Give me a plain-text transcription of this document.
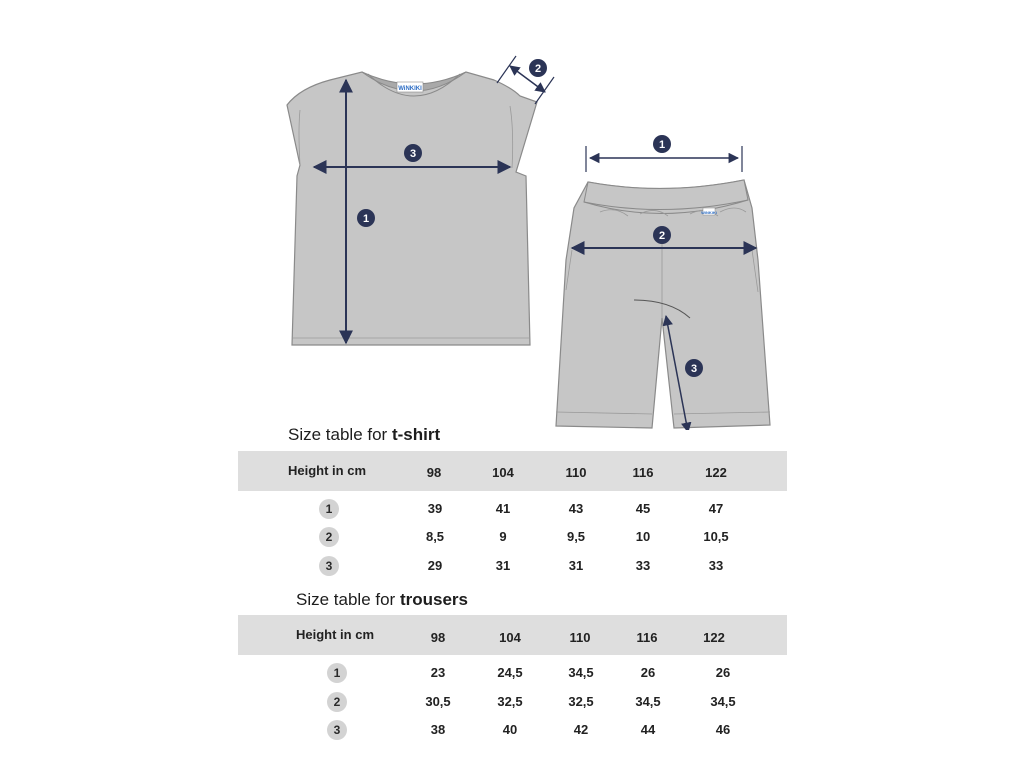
WiNKIKI
1
2
3
WiNKiKi
1
2
3
Size table for t-shirt
Height in cm	98	104	110	116	122
1	39	41	43	45	47
2	8,5	9	9,5	10	10,5
3	29	31	31	33	33
Size table for trousers
Height in cm	98	104	110	116	122
1	23	24,5	34,5	26	26
2	30,5	32,5	32,5	34,5	34,5
3	38	40	42	44	46
